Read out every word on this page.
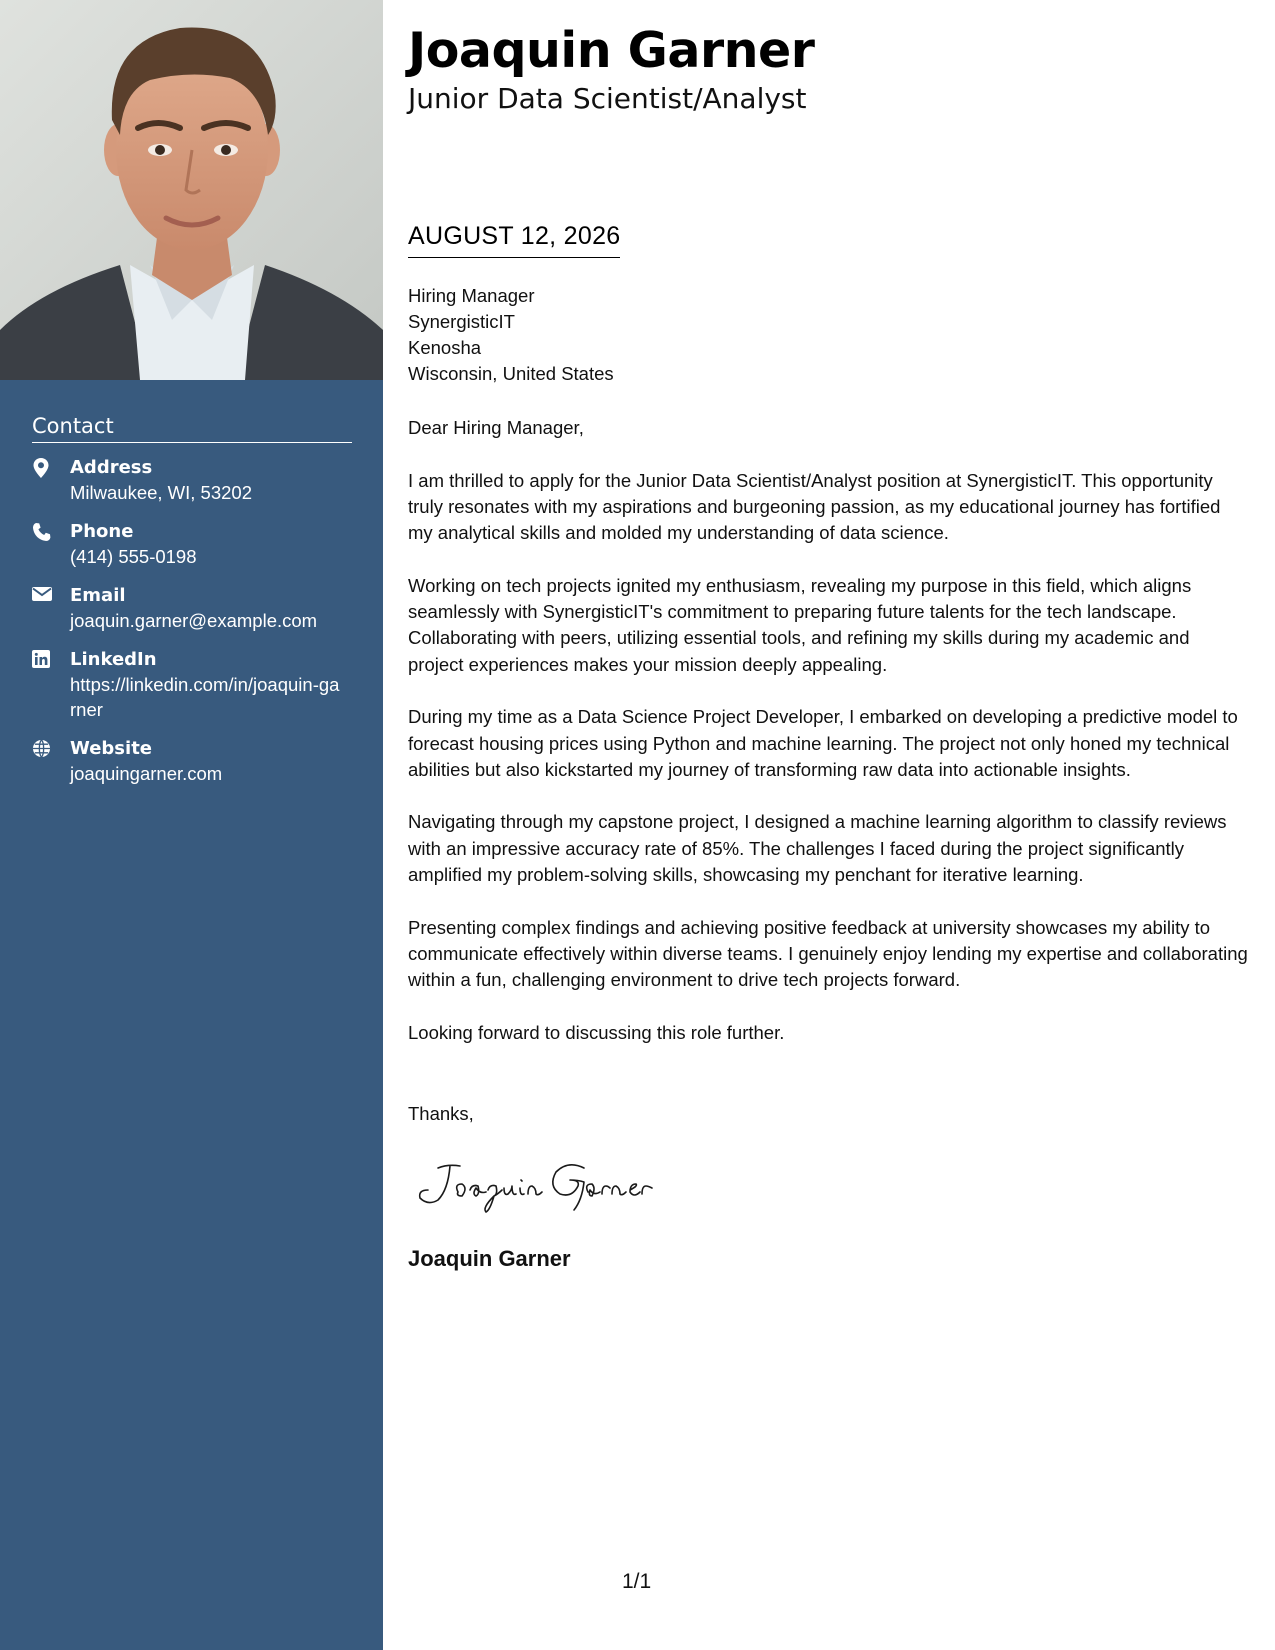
Contact
Address
Milwaukee, WI, 53202
Phone
(414) 555-0198
Email
joaquin.garner@example.com
LinkedIn
https://linkedin.com/in/joaquin-garner
Website
joaquingarner.com
Joaquin Garner
Junior Data Scientist/Analyst
AUGUST 12, 2026
Hiring Manager
SynergisticIT
Kenosha
Wisconsin, United States

Dear Hiring Manager,

I am thrilled to apply for the Junior Data Scientist/Analyst position at SynergisticIT. This opportunity truly resonates with my aspirations and burgeoning passion, as my educational journey has fortified my analytical skills and molded my understanding of data science.

Working on tech projects ignited my enthusiasm, revealing my purpose in this field, which aligns seamlessly with SynergisticIT's commitment to preparing future talents for the tech landscape. Collaborating with peers, utilizing essential tools, and refining my skills during my academic and project experiences makes your mission deeply appealing.

During my time as a Data Science Project Developer, I embarked on developing a predictive model to forecast housing prices using Python and machine learning. The project not only honed my technical abilities but also kickstarted my journey of transforming raw data into actionable insights.

Navigating through my capstone project, I designed a machine learning algorithm to classify reviews with an impressive accuracy rate of 85%. The challenges I faced during the project significantly amplified my problem-solving skills, showcasing my penchant for iterative learning.

Presenting complex findings and achieving positive feedback at university showcases my ability to communicate effectively within diverse teams. I genuinely enjoy lending my expertise and collaborating within a fun, challenging environment to drive tech projects forward.

Looking forward to discussing this role further.

Thanks,
Joaquin Garner
1/1
